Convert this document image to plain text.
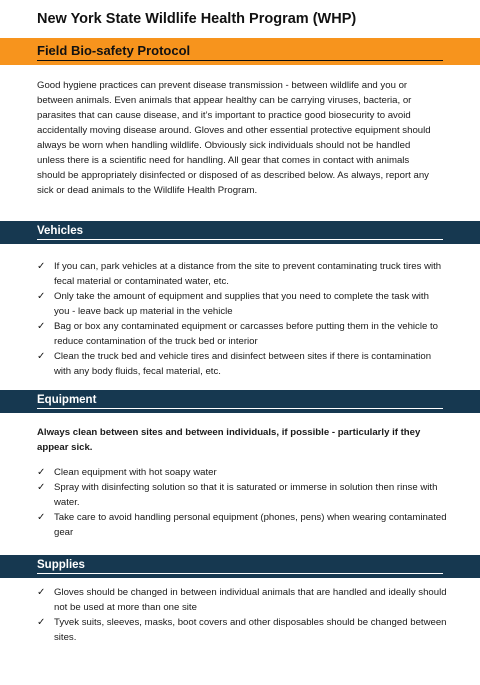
New York State Wildlife Health Program (WHP)
Field Bio-safety Protocol

Good hygiene practices can prevent disease transmission - between wildlife and you or between animals. Even animals that appear healthy can be carrying viruses, bacteria, or parasites that can cause disease, and it’s important to practice good biosecurity to avoid accidentally moving disease around. Gloves and other essential protective equipment should always be worn when handling wildlife. Obviously sick individuals should not be handled unless there is a scientific need for handling. All gear that comes in contact with animals should be appropriately disinfected or disposed of as described below. As always, report any sick or dead animals to the Wildlife Health Program.

Vehicles
✓ If you can, park vehicles at a distance from the site to prevent contaminating truck tires with fecal material or contaminated water, etc.
✓ Only take the amount of equipment and supplies that you need to complete the task with you - leave back up material in the vehicle
✓ Bag or box any contaminated equipment or carcasses before putting them in the vehicle to reduce contamination of the truck bed or interior
✓ Clean the truck bed and vehicle tires and disinfect between sites if there is contamination with any body fluids, fecal material, etc.
Equipment

Always clean between sites and between individuals, if possible - particularly if they appear sick.

✓ Clean equipment with hot soapy water
✓ Spray with disinfecting solution so that it is saturated or immerse in solution then rinse with water.
✓ Take care to avoid handling personal equipment (phones, pens) when wearing contaminated gear
Supplies
✓ Gloves should be changed in between individual animals that are handled and ideally should not be used at more than one site
✓ Tyvek suits, sleeves, masks, boot covers and other disposables should be changed between sites.
